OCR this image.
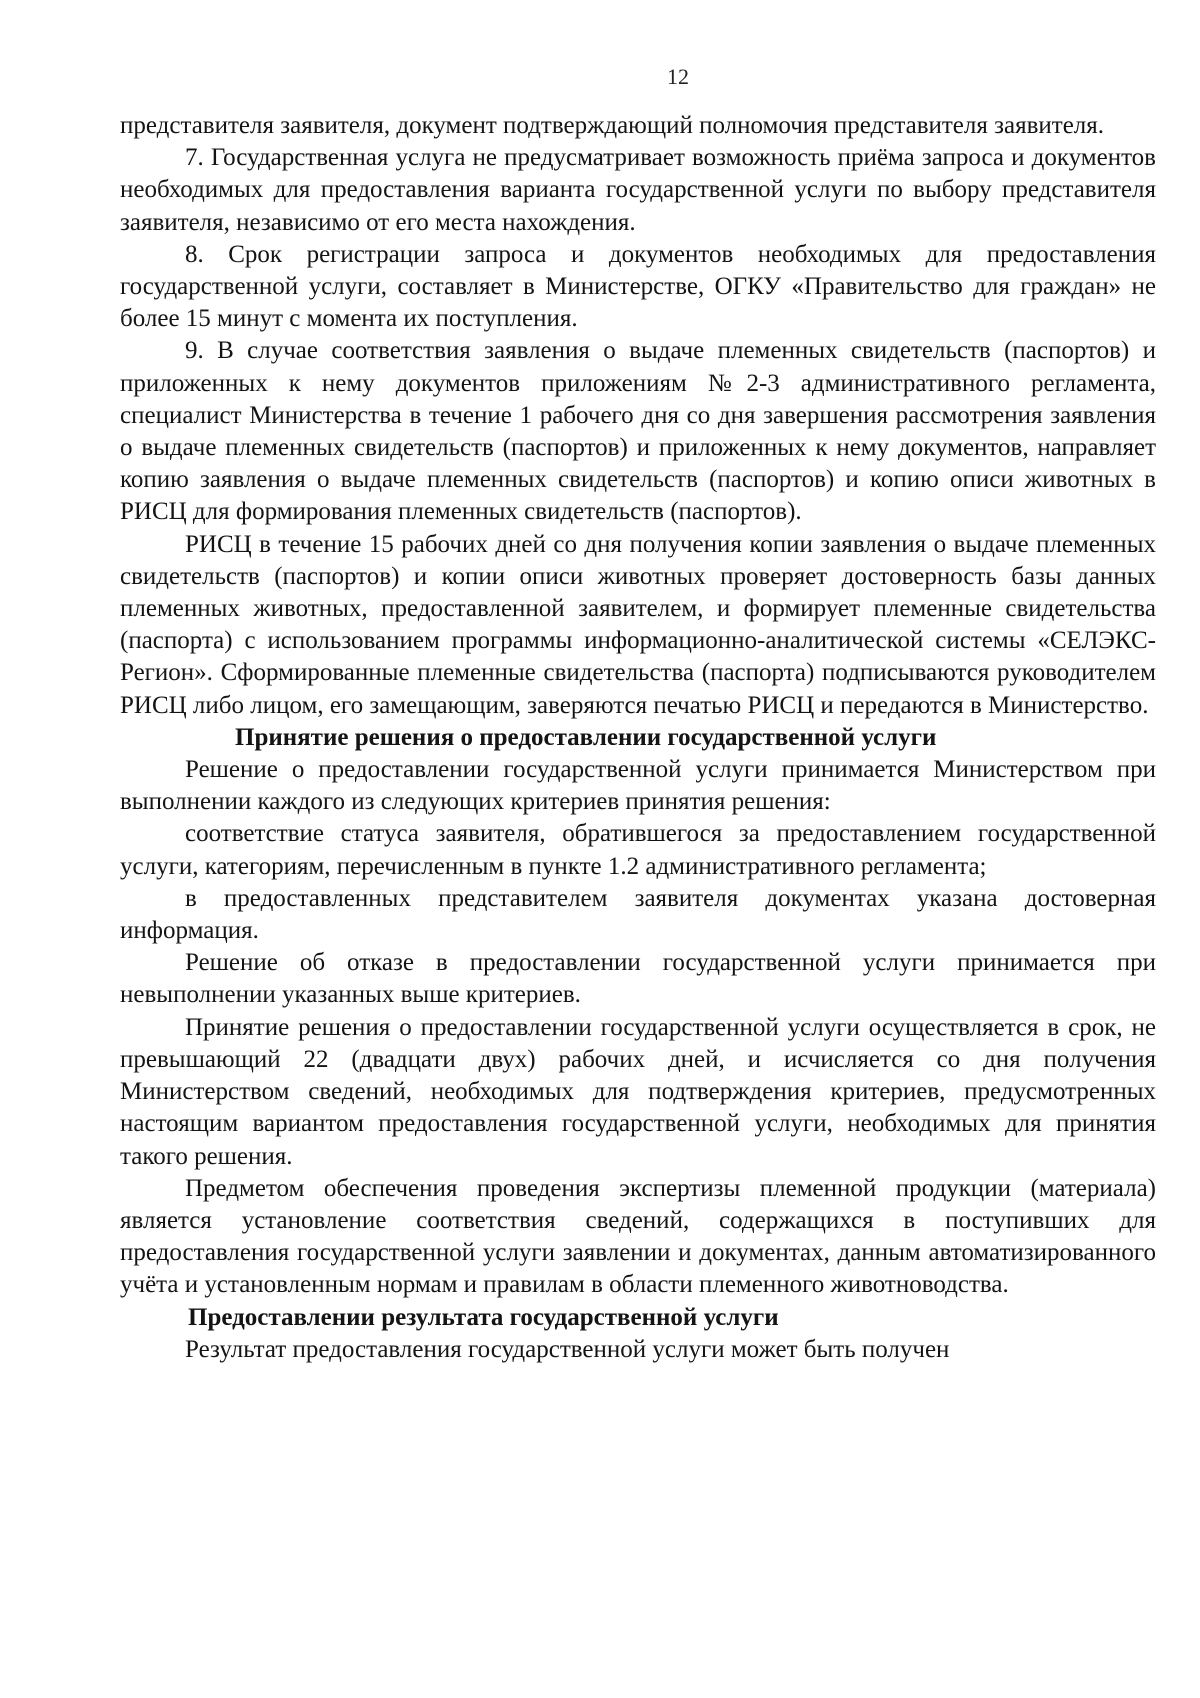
12

представителя заявителя, документ подтверждающий полномочия представителя заявителя.

7. Государственная услуга не предусматривает возможность приёма запроса и документов необходимых для предоставления варианта государственной услуги по выбору представителя заявителя, независимо от его места нахождения.

8. Срок регистрации запроса и документов необходимых для предоставления государственной услуги, составляет в Министерстве, ОГКУ «Правительство для граждан» не более 15 минут с момента их поступления.

9. В случае соответствия заявления о выдаче племенных свидетельств (паспортов) и приложенных к нему документов приложениям №2-3 административного регламента, специалист Министерства в течение 1 рабочего дня со дня завершения рассмотрения заявления о выдаче племенных свидетельств (паспортов) и приложенных к нему документов, направляет копию заявления о выдаче племенных свидетельств (паспортов) и копию описи животных в РИСЦ для формирования племенных свидетельств (паспортов).

РИСЦ в течение 15 рабочих дней со дня получения копии заявления о выдаче племенных свидетельств (паспортов) и копии описи животных проверяет достоверность базы данных племенных животных, предоставленной заявителем, и формирует племенные свидетельства (паспорта) с использованием программы информационно-аналитической системы «СЕЛЭКС-Регион». Сформированные племенные свидетельства (паспорта) подписываются руководителем РИСЦ либо лицом, его замещающим, заверяются печатью РИСЦ и передаются в Министерство.

Принятие решения о предоставлении государственной услуги

Решение о предоставлении государственной услуги принимается Министерством при выполнении каждого из следующих критериев принятия решения:

соответствие статуса заявителя, обратившегося за предоставлением государственной услуги, категориям, перечисленным в пункте 1.2 административного регламента;

в предоставленных представителем заявителя документах указана достоверная информация.

Решение об отказе в предоставлении государственной услуги принимается при невыполнении указанных выше критериев.

Принятие решения о предоставлении государственной услуги осуществляется в срок, не превышающий 22 (двадцати двух) рабочих дней, и исчисляется со дня получения Министерством сведений, необходимых для подтверждения критериев, предусмотренных настоящим вариантом предоставления государственной услуги, необходимых для принятия такого решения.

Предметом обеспечения проведения экспертизы племенной продукции (материала) является установление соответствия сведений, содержащихся в поступивших для предоставления государственной услуги заявлении и документах, данным автоматизированного учёта и установленным нормам и правилам в области племенного животноводства.

Предоставлении результата государственной услуги

Результат предоставления государственной услуги может быть получен
